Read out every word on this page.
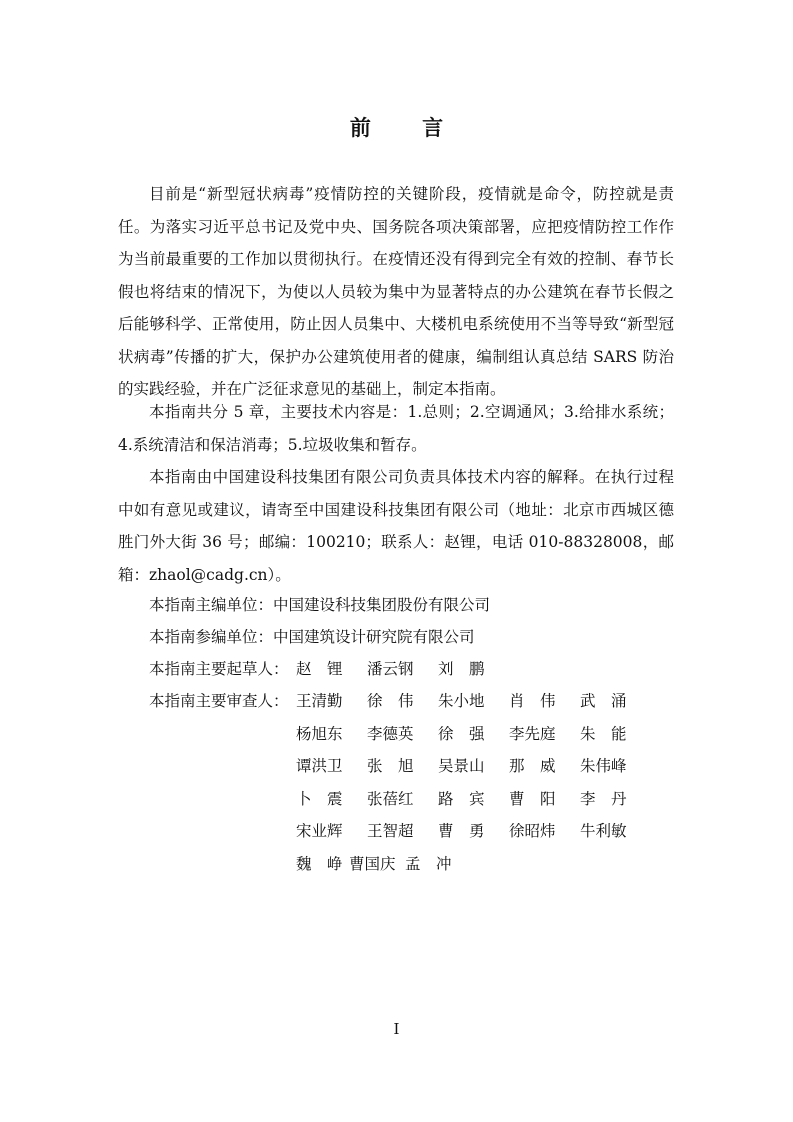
前 言

目前是“新型冠状病毒”疫情防控的关键阶段，疫情就是命令，防控就是责任。为落实习近平总书记及党中央、国务院各项决策部署，应把疫情防控工作作为当前最重要的工作加以贯彻执行。在疫情还没有得到完全有效的控制、春节长假也将结束的情况下，为使以人员较为集中为显著特点的办公建筑在春节长假之后能够科学、正常使用，防止因人员集中、大楼机电系统使用不当等导致“新型冠状病毒”传播的扩大，保护办公建筑使用者的健康，编制组认真总结 SARS 防治的实践经验，并在广泛征求意见的基础上，制定本指南。

本指南共分 5 章，主要技术内容是：1.总则；2.空调通风；3.给排水系统；4.系统清洁和保洁消毒；5.垃圾收集和暂存。

本指南由中国建设科技集团有限公司负责具体技术内容的解释。在执行过程中如有意见或建议，请寄至中国建设科技集团有限公司（地址：北京市西城区德胜门外大街 36 号；邮编：100210；联系人：赵锂，电话 010-88328008，邮箱：zhaol@cadg.cn）。

本指南主编单位：中国建设科技集团股份有限公司
本指南参编单位：中国建筑设计研究院有限公司
本指南主要起草人： 赵　锂	潘云钢	刘　鹏
本指南主要审查人： 王清勤	徐　伟	朱小地	肖　伟	武　涌
杨旭东	李德英	徐　强	李先庭	朱　能
谭洪卫	张　旭	吴景山	那　威	朱伟峰
卜　震	张蓓红	路　宾	曹　阳	李　丹
宋业辉	王智超	曹　勇	徐昭炜	牛利敏
魏　峥 曹国庆 孟　冲
I
